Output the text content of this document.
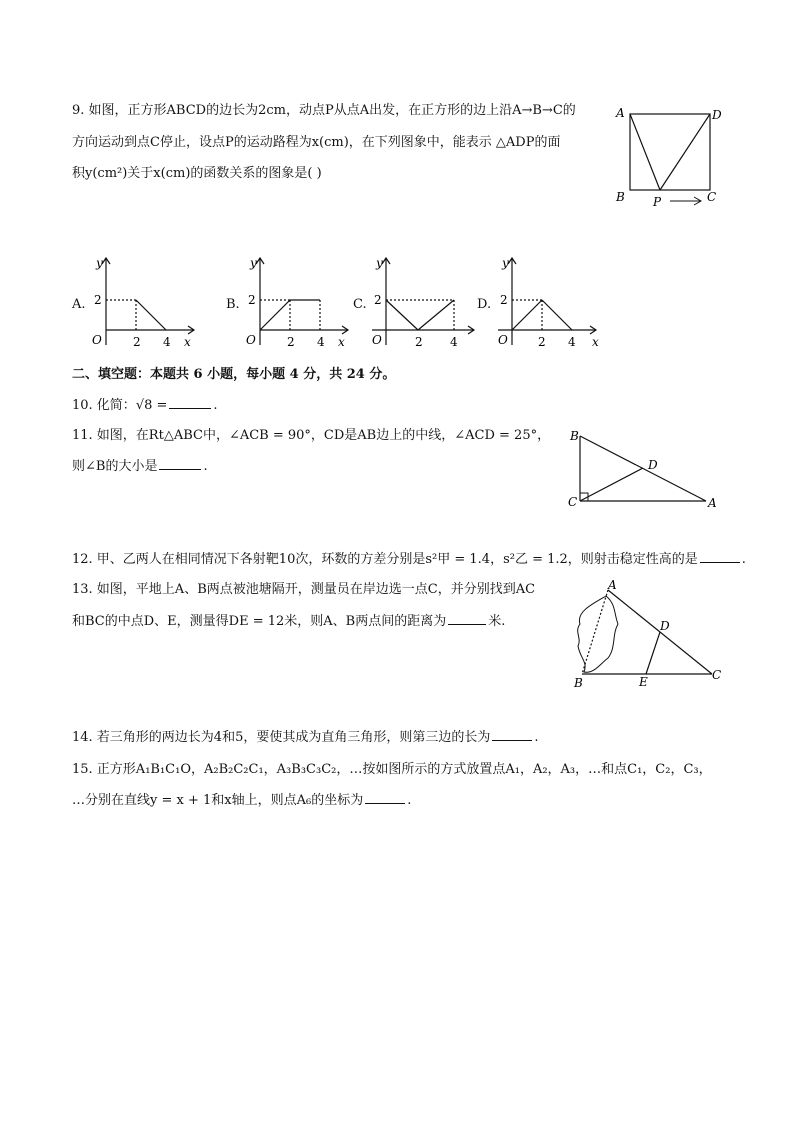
9. 如图，正方形ABCD的边长为2cm，动点P从点A出发，在正方形的边上沿A→B→C的
方向运动到点C停止，设点P的运动路程为x(cm)，在下列图象中，能表示 △ADP的面
积y(cm²)关于x(cm)的函数关系的图象是( )
A	D
B P	C
A.
y
2
O	2 4 x
B.
y
2
O	2 4 x
C.
y
2
O	2 4
D.
y
2
O	2 4 x
二、填空题：本题共 6 小题，每小题 4 分，共 24 分。
10. 化简：√8 =	.
11. 如图，在Rt△ABC中，∠ACB = 90°，CD是AB边上的中线，∠ACD = 25°，
则∠B的大小是	.
B
D
C	A
12. 甲、乙两人在相同情况下各射靶10次，环数的方差分别是s²甲 = 1.4，s²乙 = 1.2，则射击稳定性高的是	.
13. 如图，平地上A、B两点被池塘隔开，测量员在岸边选一点C，并分别找到AC
和BC的中点D、E，测量得DE = 12米，则A、B两点间的距离为	米.
A
D
B	E	C
14. 若三角形的两边长为4和5，要使其成为直角三角形，则第三边的长为	.
15. 正方形A₁B₁C₁O，A₂B₂C₂C₁，A₃B₃C₃C₂，…按如图所示的方式放置点A₁，A₂，A₃，…和点C₁，C₂，C₃，
…分别在直线y = x + 1和x轴上，则点A₆的坐标为	.
